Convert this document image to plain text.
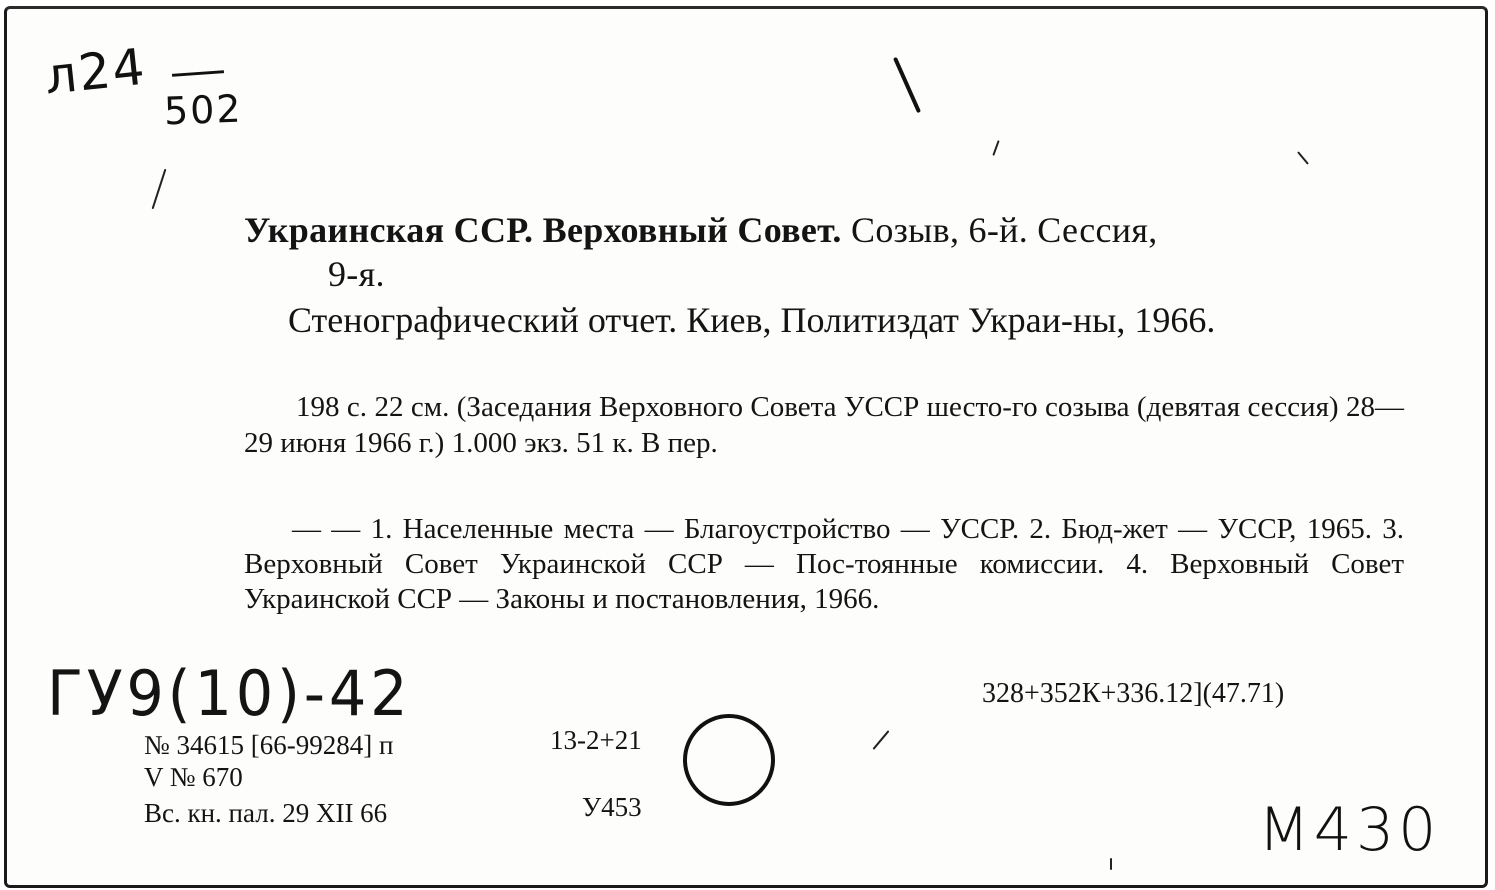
л24
502

Украинская ССР. Верховный Совет. Созыв, 6-й. Сессия,
9-я.

Стенографический отчет. Киев, Политиздат Украи-ны, 1966.

198 с. 22 см. (Заседания Верховного Совета УССР шесто-го созыва (девятая сессия) 28—29 июня 1966 г.) 1.000 экз. 51 к. В пер.

— — 1. Населенные места — Благоустройство — УССР. 2. Бюд-жет — УССР, 1965. 3. Верховный Совет Украинской ССР — Пос-тоянные комиссии. 4. Верховный Совет Украинской ССР — Законы и постановления, 1966.

328+352К+336.12](47.71)
ГУ9(10)-42
№ 34615 [66-99284] п	13-2+21
V № 670
Вс. кн. пал. 29 XII 66	У453	М430
